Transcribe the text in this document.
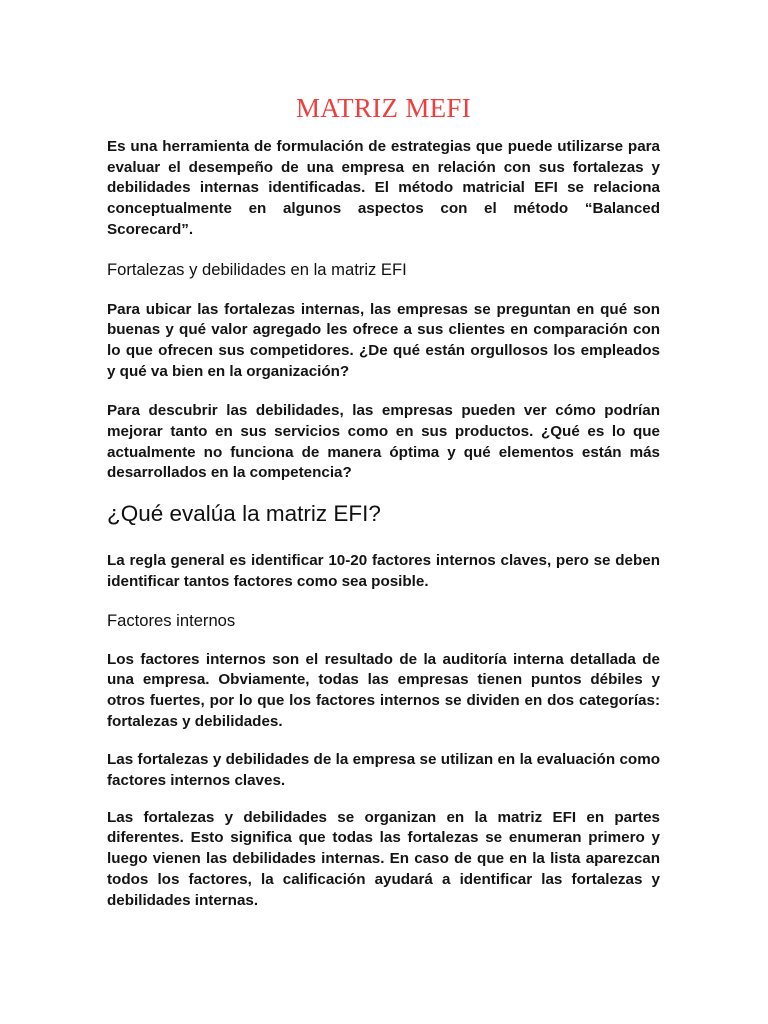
MATRIZ MEFI

Es una herramienta de formulación de estrategias que puede utilizarse para evaluar el desempeño de una empresa en relación con sus fortalezas y debilidades internas identificadas. El método matricial EFI se relaciona conceptualmente en algunos aspectos con el método “Balanced Scorecard”.

Fortalezas y debilidades en la matriz EFI

Para ubicar las fortalezas internas, las empresas se preguntan en qué son buenas y qué valor agregado les ofrece a sus clientes en comparación con lo que ofrecen sus competidores. ¿De qué están orgullosos los empleados y qué va bien en la organización?

Para descubrir las debilidades, las empresas pueden ver cómo podrían mejorar tanto en sus servicios como en sus productos. ¿Qué es lo que actualmente no funciona de manera óptima y qué elementos están más desarrollados en la competencia?

¿Qué evalúa la matriz EFI?

La regla general es identificar 10-20 factores internos claves, pero se deben identificar tantos factores como sea posible.

Factores internos

Los factores internos son el resultado de la auditoría interna detallada de una empresa. Obviamente, todas las empresas tienen puntos débiles y otros fuertes, por lo que los factores internos se dividen en dos categorías: fortalezas y debilidades.

Las fortalezas y debilidades de la empresa se utilizan en la evaluación como factores internos claves.

Las fortalezas y debilidades se organizan en la matriz EFI en partes diferentes. Esto significa que todas las fortalezas se enumeran primero y luego vienen las debilidades internas. En caso de que en la lista aparezcan todos los factores, la calificación ayudará a identificar las fortalezas y debilidades internas.
